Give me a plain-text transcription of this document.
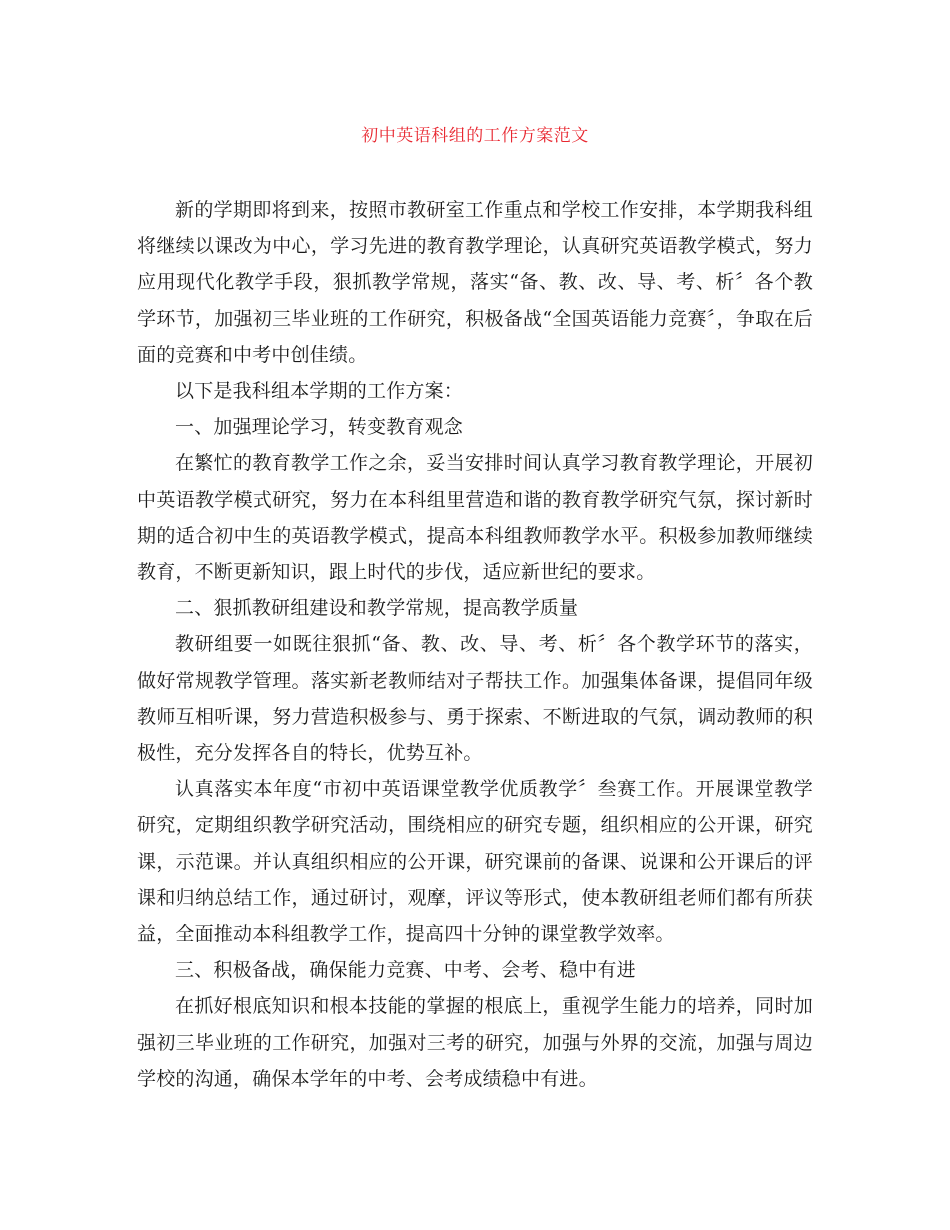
初中英语科组的工作方案范文

新的学期即将到来，按照市教研室工作重点和学校工作安排，本学期我科组将继续以课改为中心，学习先进的教育教学理论，认真研究英语教学模式，努力应用现代化教学手段，狠抓教学常规，落实“备、教、改、导、考、析〞各个教学环节，加强初三毕业班的工作研究，积极备战“全国英语能力竞赛〞，争取在后面的竞赛和中考中创佳绩。

以下是我科组本学期的工作方案：

一、加强理论学习，转变教育观念

在繁忙的教育教学工作之余，妥当安排时间认真学习教育教学理论，开展初中英语教学模式研究，努力在本科组里营造和谐的教育教学研究气氛，探讨新时期的适合初中生的英语教学模式，提高本科组教师教学水平。积极参加教师继续教育，不断更新知识，跟上时代的步伐，适应新世纪的要求。

二、狠抓教研组建设和教学常规，提高教学质量

教研组要一如既往狠抓“备、教、改、导、考、析〞各个教学环节的落实，做好常规教学管理。落实新老教师结对子帮扶工作。加强集体备课，提倡同年级教师互相听课，努力营造积极参与、勇于探索、不断进取的气氛，调动教师的积极性，充分发挥各自的特长，优势互补。

认真落实本年度“市初中英语课堂教学优质教学〞叁赛工作。开展课堂教学研究，定期组织教学研究活动，围绕相应的研究专题，组织相应的公开课，研究课，示范课。并认真组织相应的公开课，研究课前的备课、说课和公开课后的评课和归纳总结工作，通过研讨，观摩，评议等形式，使本教研组老师们都有所获益，全面推动本科组教学工作，提高四十分钟的课堂教学效率。

三、积极备战，确保能力竞赛、中考、会考、稳中有进

在抓好根底知识和根本技能的掌握的根底上，重视学生能力的培养，同时加强初三毕业班的工作研究，加强对三考的研究，加强与外界的交流，加强与周边学校的沟通，确保本学年的中考、会考成绩稳中有进。
